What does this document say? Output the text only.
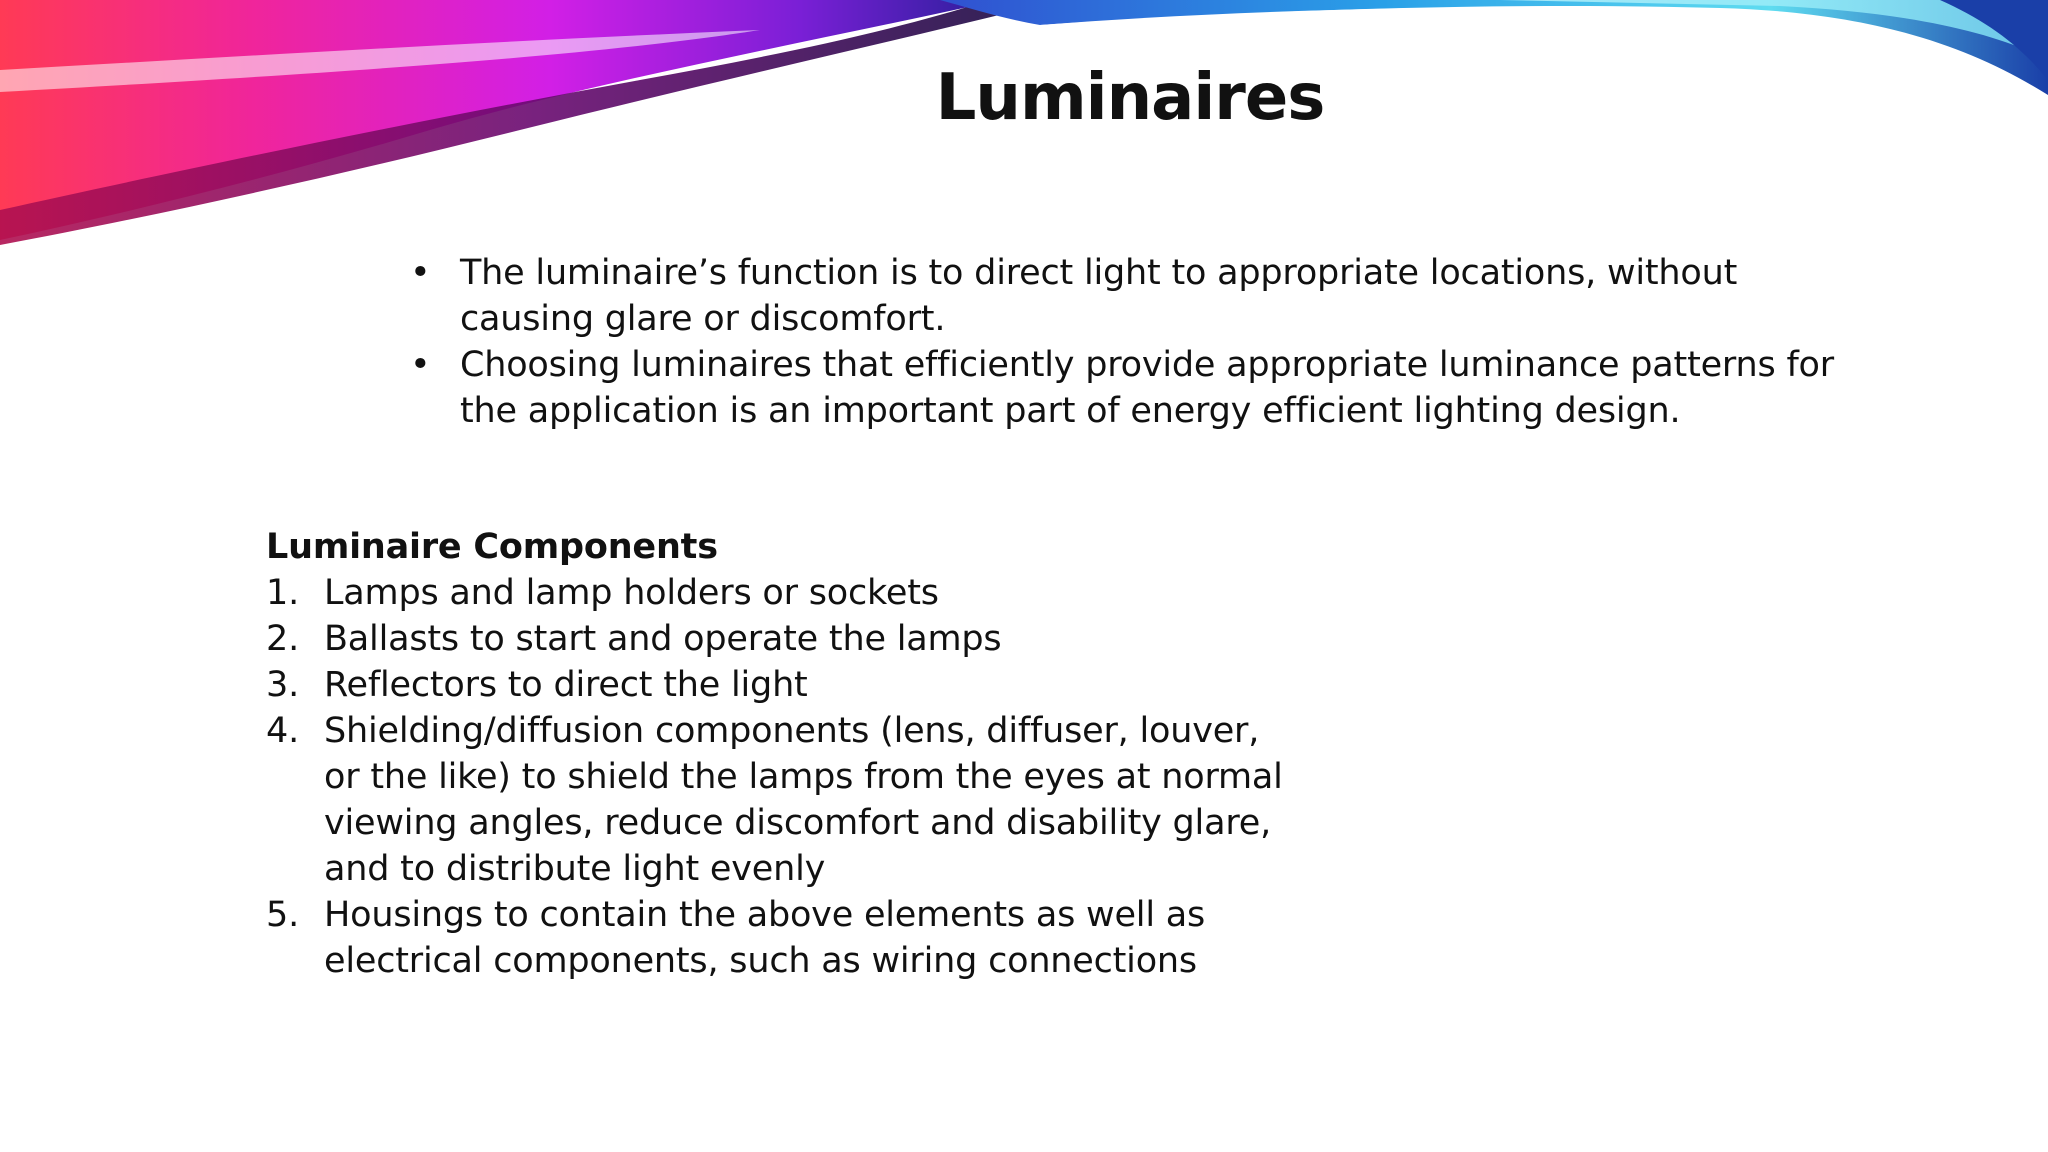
Luminaires
• The luminaire’s function is to direct light to appropriate locations, without causing glare or discomfort.
• Choosing luminaires that efficiently provide appropriate luminance patterns for the application is an important part of energy efficient lighting design.
Luminaire Components
1. Lamps and lamp holders or sockets
2. Ballasts to start and operate the lamps
3. Reflectors to direct the light
4. Shielding/diffusion components (lens, diffuser, louver, or the like) to shield the lamps from the eyes at normal viewing angles, reduce discomfort and disability glare, and to distribute light evenly
5. Housings to contain the above elements as well as electrical components, such as wiring connections
